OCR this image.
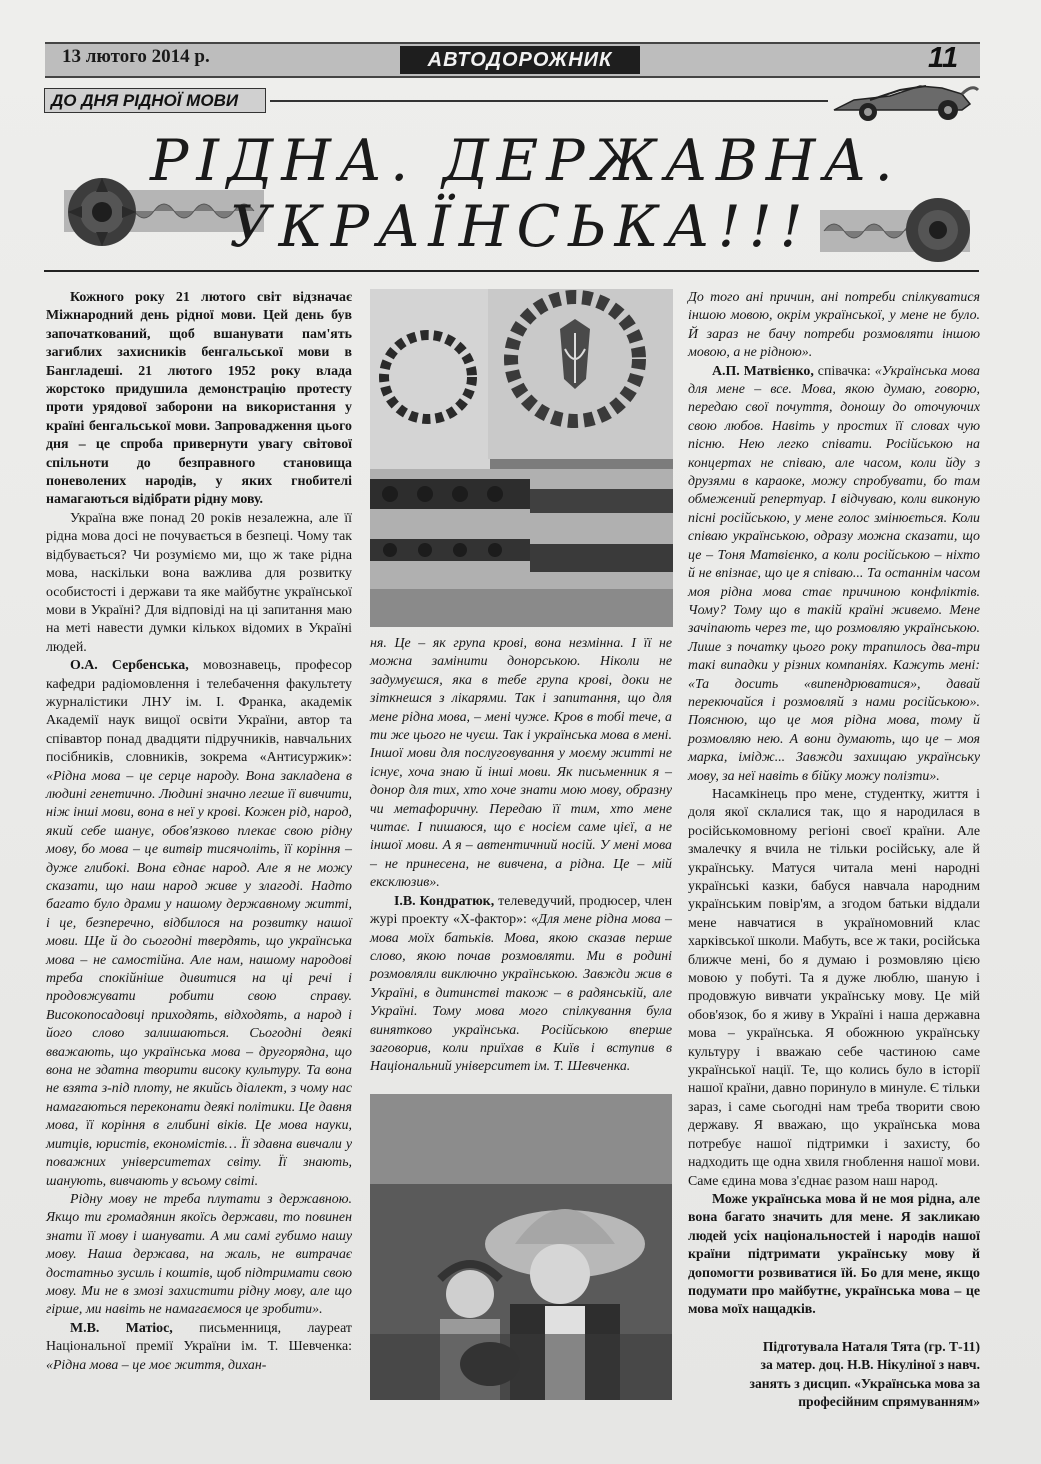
13 лютого 2014 р.	АВТОДОРОЖНИК	11
ДО ДНЯ РІДНОЇ МОВИ
РІДНА. ДЕРЖАВНА.
УКРАЇНСЬКА!!!

Кожного року 21 лютого світ відзначає Міжнародний день рідної мови. Цей день був започаткований, щоб вшанувати пам'ять загиблих захисників бенгальської мови в Бангладеші. 21 лютого 1952 року влада жорстоко придушила демонстрацію протесту проти урядової заборони на використання у країні бенгальської мови. Запровадження цього дня – це спроба привернути увагу світової спільноти до безправного становища поневолених народів, у яких гнобителі намагаються відібрати рідну мову.

Україна вже понад 20 років незалежна, але її рідна мова досі не почувається в безпеці. Чому так відбувається? Чи розуміємо ми, що ж таке рідна мова, наскільки вона важлива для розвитку особистості і держави та яке майбутнє української мови в Україні? Для відповіді на ці запитання маю на меті навести думки кількох відомих в Україні людей.

О.А. Сербенська, мовознавець, професор кафедри радіомовлення і телебачення факультету журналістики ЛНУ ім. І. Франка, академік Академії наук вищої освіти України, автор та співавтор понад двадцяти підручників, навчальних посібників, словників, зокрема «Антисуржик»: «Рідна мова – це серце народу. Вона закладена в людині генетично. Людині значно легше її вивчити, ніж інші мови, вона в неї у крові. Кожен рід, народ, який себе шанує, обов'язково плекає свою рідну мову, бо мова – це витвір тисячоліть, її коріння – дуже глибокі. Вона єднає народ. Але я не можу сказати, що наш народ живе у злагоді. Надто багато було драми у нашому державному житті, і це, безперечно, відбилося на розвитку нашої мови. Ще й до сьогодні твердять, що українська мова – не самостійна. Але нам, нашому народові треба спокійніше дивитися на ці речі і продовжувати робити свою справу. Високопосадовці приходять, відходять, а народ і його слово залишаються. Сьогодні деякі вважають, що українська мова – другорядна, що вона не здатна творити високу культуру. Та вона не взята з-під плоту, не якийсь діалект, з чому нас намагаються переконати деякі політики. Це давня мова, її коріння в глибині віків. Це мова науки, митців, юристів, економістів… Її здавна вивчали у поважних університетах світу. Її знають, шанують, вивчають у всьому світі.

Рідну мову не треба плутати з державною. Якщо ти громадянин якоїсь держави, то повинен знати її мову і шанувати. А ми самі губимо нашу мову. Наша держава, на жаль, не витрачає достатньо зусиль і коштів, щоб підтримати свою мову. Ми не в змозі захистити рідну мову, але що гірше, ми навіть не намагаємося це зробити».

М.В. Матіос, письменниця, лауреат Національної премії України ім. Т. Шевченка: «Рідна мова – це моє життя, дихан-

ня. Це – як група крові, вона незмінна. І її не можна замінити донорською. Ніколи не задумуєшся, яка в тебе група крові, доки не зіткнешся з лікарями. Так і запитання, що для мене рідна мова, – мені чуже. Кров в тобі тече, а ти же цього не чуєш. Так і українська мова в мені. Іншої мови для послуговування у моєму житті не існує, хоча знаю й інші мови. Як письменник я – донор для тих, хто хоче знати мою мову, образну чи метафоричну. Передаю її тим, хто мене читає. І пишаюся, що є носієм саме цієї, а не іншої мови. А я – автентичний носій. У мені мова – не принесена, не вивчена, а рідна. Це – мій ексклюзив».

І.В. Кондратюк, телеведучий, продюсер, член журі проекту «Х-фактор»: «Для мене рідна мова – мова моїх батьків. Мова, якою сказав перше слово, якою почав розмовляти. Ми в родині розмовляли виключно українською. Завжди жив в Україні, в дитинстві також – в радянській, але Україні. Тому мова мого спілкування була винятково українська. Російською вперше заговорив, коли приїхав в Київ і вступив в Національний університет ім. Т. Шевченка.

До того ані причин, ані потреби спілкуватися іншою мовою, окрім української, у мене не було. Й зараз не бачу потреби розмовляти іншою мовою, а не рідною».

А.П. Матвієнко, співачка: «Українська мова для мене – все. Мова, якою думаю, говорю, передаю свої почуття, доношу до оточуючих свою любов. Навіть у простих її словах чую пісню. Нею легко співати. Російською на концертах не співаю, але часом, коли йду з друзями в караоке, можу спробувати, бо там обмежений репертуар. І відчуваю, коли виконую пісні російською, у мене голос змінюється. Коли співаю українською, одразу можна сказати, що це – Тоня Матвієнко, а коли російською – ніхто й не впізнає, що це я співаю... Та останнім часом моя рідна мова стає причиною конфліктів. Чому? Тому що в такій країні живемо. Мене зачіпають через те, що розмовляю українською. Лише з початку цього року трапилось два-три такі випадки у різних компаніях. Кажуть мені: «Та досить «випендрюватися», давай перекючайся і розмовляй з нами російською». Пояснюю, що це моя рідна мова, тому й розмовляю нею. А вони думають, що це – моя марка, імідж... Завжди захищаю українську мову, за неї навіть в бійку можу полізти».

Насамкінець про мене, студентку, життя і доля якої склалися так, що я народилася в російськомовному регіоні своєї країни. Але змалечку я вчила не тільки російську, але й українську. Матуся читала мені народні українські казки, бабуся навчала народним українським повір'ям, а згодом батьки віддали мене навчатися в україномовний клас харківської школи. Мабуть, все ж таки, російська ближче мені, бо я думаю і розмовляю цією мовою у побуті. Та я дуже люблю, шаную і продовжую вивчати українську мову. Це мій обов'язок, бо я живу в Україні і наша державна мова – українська. Я обожнюю українську культуру і вважаю себе частиною саме української нації. Те, що колись було в історії нашої країни, давно поринуло в минуле. Є тільки зараз, і саме сьогодні нам треба творити свою державу. Я вважаю, що українська мова потребує нашої підтримки і захисту, бо надходить ще одна хвиля гноблення нашої мови. Саме єдина мова з'єднає разом наш народ.

Може українська мова й не моя рідна, але вона багато значить для мене. Я закликаю людей усіх національностей і народів нашої країни підтримати українську мову й допомогти розвиватися їй. Бо для мене, якщо подумати про майбутнє, українська мова – це мова моїх нащадків.

Підготувала Наталя Тята (гр. Т-11)

за матер. доц. Н.В. Нікуліної з навч.

занять з дисцип. «Українська мова за

професійним спрямуванням»
